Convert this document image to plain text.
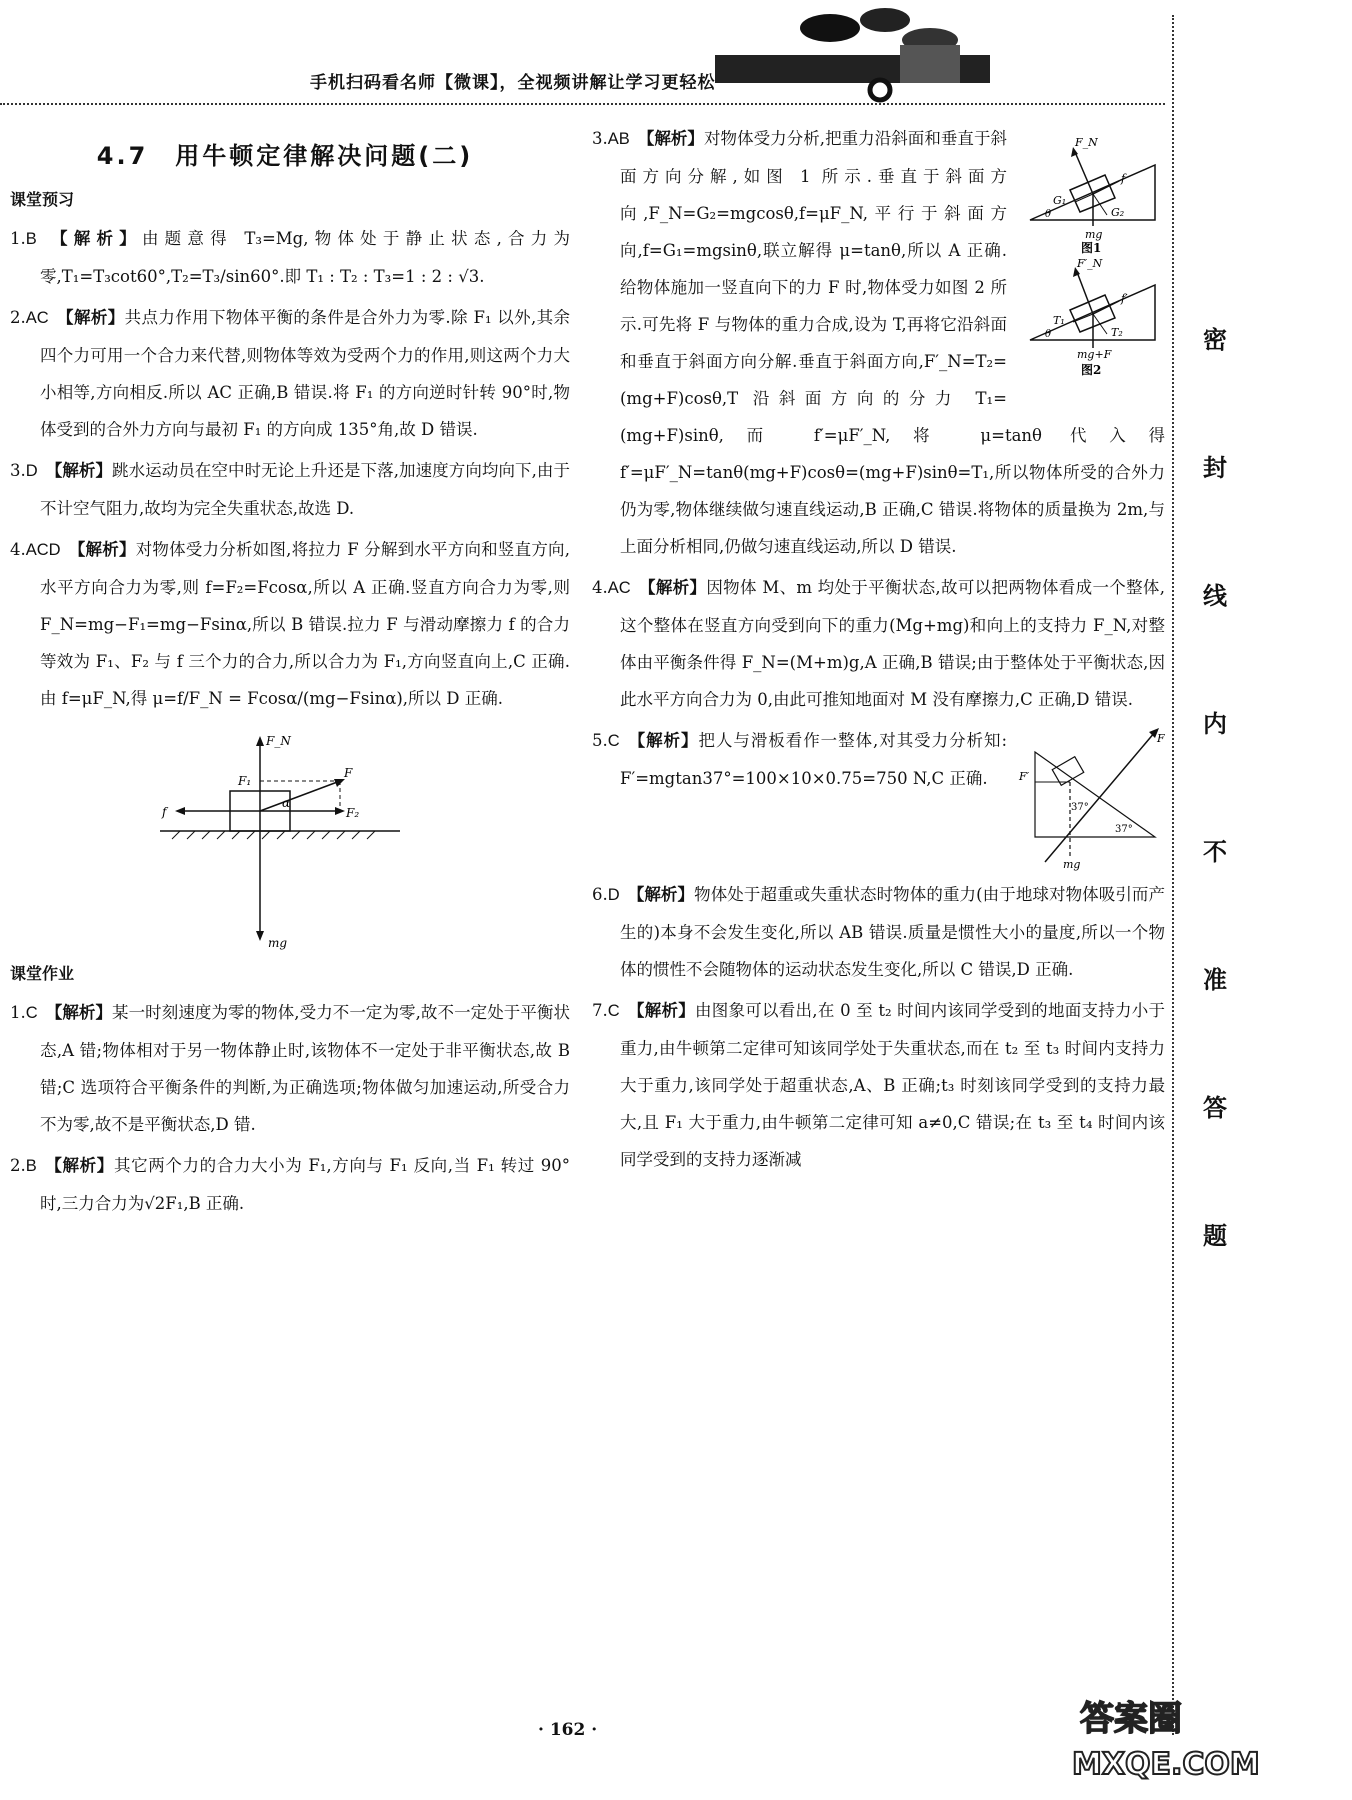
手机扫码看名师【微课】，全视频讲解让学习更轻松
密
封
线
内
不
准
答
题
4.7　用牛顿定律解决问题(二)
课堂预习
1.B 【解析】由题意得 T₃=Mg,物体处于静止状态,合力为零,T₁=T₃cot60°,T₂=T₃/sin60°.即 T₁ : T₂ : T₃=1 : 2 : √3.
2.AC 【解析】共点力作用下物体平衡的条件是合外力为零.除 F₁ 以外,其余四个力可用一个合力来代替,则物体等效为受两个力的作用,则这两个力大小相等,方向相反.所以 AC 正确,B 错误.将 F₁ 的方向逆时针转 90°时,物体受到的合外力方向与最初 F₁ 的方向成 135°角,故 D 错误.
3.D 【解析】跳水运动员在空中时无论上升还是下落,加速度方向均向下,由于不计空气阻力,故均为完全失重状态,故选 D.
4.ACD 【解析】对物体受力分析如图,将拉力 F 分解到水平方向和竖直方向,水平方向合力为零,则 f=F₂=Fcosα,所以 A 正确.竖直方向合力为零,则 F_N=mg−F₁=mg−Fsinα,所以 B 错误.拉力 F 与滑动摩擦力 f 的合力等效为 F₁、F₂ 与 f 三个力的合力,所以合力为 F₁,方向竖直向上,C 正确.由 f=μF_N,得 μ=f/F_N = Fcosα/(mg−Fsinα),所以 D 正确.
F_N
F₁
F
α
f	F₂
mg
课堂作业
1.C 【解析】某一时刻速度为零的物体,受力不一定为零,故不一定处于平衡状态,A 错;物体相对于另一物体静止时,该物体不一定处于非平衡状态,故 B 错;C 选项符合平衡条件的判断,为正确选项;物体做匀加速运动,所受合力不为零,故不是平衡状态,D 错.
2.B 【解析】其它两个力的合力大小为 F₁,方向与 F₁ 反向,当 F₁ 转过 90°时,三力合力为√2F₁,B 正确.
F_N
f
G₁
G₂
θ
mg
图1
F′_N
f′
T₁
T₂
θ
mg+F
图2
3.AB 【解析】对物体受力分析,把重力沿斜面和垂直于斜面方向分解,如图 1 所示.垂直于斜面方向,F_N=G₂=mgcosθ,f=μF_N,平行于斜面方向,f=G₁=mgsinθ,联立解得 μ=tanθ,所以 A 正确.给物体施加一竖直向下的力 F 时,物体受力如图 2 所示.可先将 F 与物体的重力合成,设为 T,再将它沿斜面和垂直于斜面方向分解.垂直于斜面方向,F′_N=T₂=(mg+F)cosθ,T 沿斜面方向的分力 T₁=(mg+F)sinθ,而 f′=μF′_N,将 μ=tanθ 代入得 f′=μF′_N=tanθ(mg+F)cosθ=(mg+F)sinθ=T₁,所以物体所受的合外力仍为零,物体继续做匀速直线运动,B 正确,C 错误.将物体的质量换为 2m,与上面分析相同,仍做匀速直线运动,所以 D 错误.
4.AC 【解析】因物体 M、m 均处于平衡状态,故可以把两物体看成一个整体,这个整体在竖直方向受到向下的重力(Mg+mg)和向上的支持力 F_N,对整体由平衡条件得 F_N=(M+m)g,A 正确,B 错误;由于整体处于平衡状态,因此水平方向合力为 0,由此可推知地面对 M 没有摩擦力,C 正确,D 错误.
F
F′
37°
37°
mg
5.C 【解析】把人与滑板看作一整体,对其受力分析知: F′=mgtan37°=100×10×0.75=750 N,C 正确.
6.D 【解析】物体处于超重或失重状态时物体的重力(由于地球对物体吸引而产生的)本身不会发生变化,所以 AB 错误.质量是惯性大小的量度,所以一个物体的惯性不会随物体的运动状态发生变化,所以 C 错误,D 正确.
7.C 【解析】由图象可以看出,在 0 至 t₂ 时间内该同学受到的地面支持力小于重力,由牛顿第二定律可知该同学处于失重状态,而在 t₂ 至 t₃ 时间内支持力大于重力,该同学处于超重状态,A、B 正确;t₃ 时刻该同学受到的支持力最大,且 F₁ 大于重力,由牛顿第二定律可知 a≠0,C 错误;在 t₃ 至 t₄ 时间内该同学受到的支持力逐渐减
· 162 ·	答案圈
MXQE.COM
